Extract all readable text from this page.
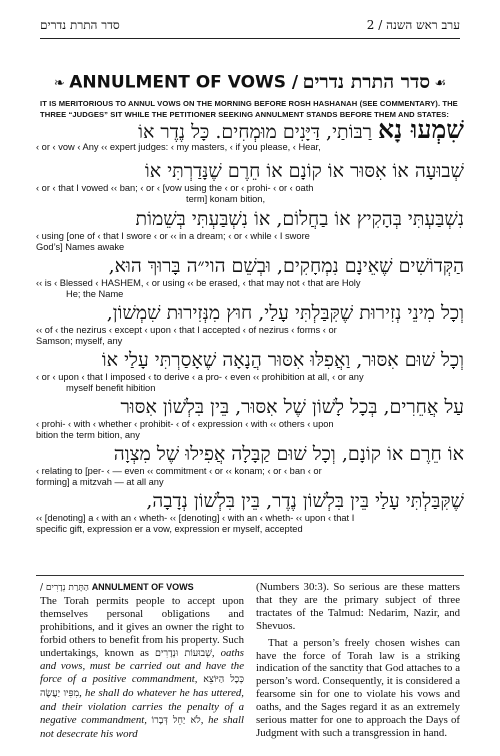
סדר התרת נדרים	ערב ראש השנה / 2
❧ ANNULMENT OF VOWS / סדר התרת נדרים ☙
IT IS MERITORIOUS TO ANNUL VOWS ON THE MORNING BEFORE ROSH HASHANAH (SEE COMMENTARY). THE THREE “JUDGES” SIT WHILE THE PETITIONER SEEKING ANNULMENT STANDS BEFORE THEM AND STATES:
שִׁמְעוּ נָא רַבּוֹתַי, דַּיָּנִים מוּמְחִים. כָּל נֶדֶר אוֹ
‹ or ‹ vow ‹ Any ‹‹ expert judges: ‹ my masters, ‹ if you please, ‹ Hear,
שְׁבוּעָה אוֹ אִסּוּר אוֹ קוֹנָם אוֹ חֵרֶם שֶׁנָּדַרְתִּי אוֹ
‹ or ‹ that I vowed ‹‹ ban; ‹ or ‹ [vow using the ‹ or ‹ prohi- ‹ or ‹ oath
term] konam bition,
נִשְׁבַּעְתִּי בְּהָקִיץ אוֹ בַחֲלוֹם, אוֹ נִשְׁבַּעְתִּי בְּשֵׁמוֹת
‹ using [one of ‹ that I swore ‹ or ‹‹ in a dream; ‹ or ‹ while ‹ I swore
God’s] Names awake
הַקְּדוֹשִׁים שֶׁאֵינָם נִמְחָקִים, וּבְשֵׁם הוי״ה בָּרוּךְ הוּא,
‹‹ is ‹ Blessed ‹ HASHEM, ‹ or using ‹‹ be erased, ‹ that may not ‹ that are Holy
He; the Name
וְכָל מִינֵי נְזִירוּת שֶׁקִּבַּלְתִּי עָלַי, חוּץ מִנְּזִירוּת שִׁמְשׁוֹן,
‹‹ of ‹ the nezirus ‹ except ‹ upon ‹ that I accepted ‹ of nezirus ‹ forms ‹ or
Samson; myself, any
וְכָל שׁוּם אִסּוּר, וַאֲפִלּוּ אִסּוּר הֲנָאָה שֶׁאָסַרְתִּי עָלַי אוֹ
‹ or ‹ upon ‹ that I imposed ‹ to derive ‹ a pro- ‹ even ‹‹ prohibition at all, ‹ or any
myself benefit hibition
עַל אֲחֵרִים, בְּכָל לָשׁוֹן שֶׁל אִסּוּר, בֵּין בִּלְשׁוֹן אִסּוּר
‹ prohi- ‹ with ‹ whether ‹ prohibit- ‹ of ‹ expression ‹ with ‹‹ others ‹ upon
bition the term bition, any
אוֹ חֵרֶם אוֹ קוֹנָם, וְכָל שׁוּם קַבָּלָה אֲפִילוּ שֶׁל מִצְוָה
‹ relating to [per- ‹ — even ‹‹ commitment ‹ or ‹‹ konam; ‹ or ‹ ban ‹ or
forming] a mitzvah — at all any
שֶׁקִּבַּלְתִּי עָלַי בֵּין בִּלְשׁוֹן נֶדֶר, בֵּין בִּלְשׁוֹן נְדָבָה,
‹‹ [denoting] a ‹ with an ‹ wheth- ‹‹ [denoting] ‹ with an ‹ wheth- ‹‹ upon ‹ that I
specific gift, expression er a vow, expression er myself, accepted

הַתָּרַת נְדָרִים / ANNULMENT OF VOWS
The Torah permits people to accept upon themselves personal obligations and prohibitions, and it gives an owner the right to forbid others to benefit from his property. Such undertakings, known as שְׁבוּעוֹת וּנְדָרִים, oaths and vows, must be carried out and have the force of a positive commandment, כְּכָל הַיּוֹצֵא מִפִּיו יַעֲשֶׂה, he shall do whatever he has uttered, and their violation carries the penalty of a negative commandment, לֹא יַחֵל דְּבָרוֹ, he shall not desecrate his word

(Numbers 30:3). So serious are these matters that they are the primary subject of three tractates of the Talmud: Nedarim, Nazir, and Shevuos.

That a person’s freely chosen wishes can have the force of Torah law is a striking indication of the sanctity that God attaches to a person’s word. Consequently, it is considered a fearsome sin for one to violate his vows and oaths, and the Sages regard it as an extremely serious matter for one to approach the Days of Judgment with such a transgression in hand.
